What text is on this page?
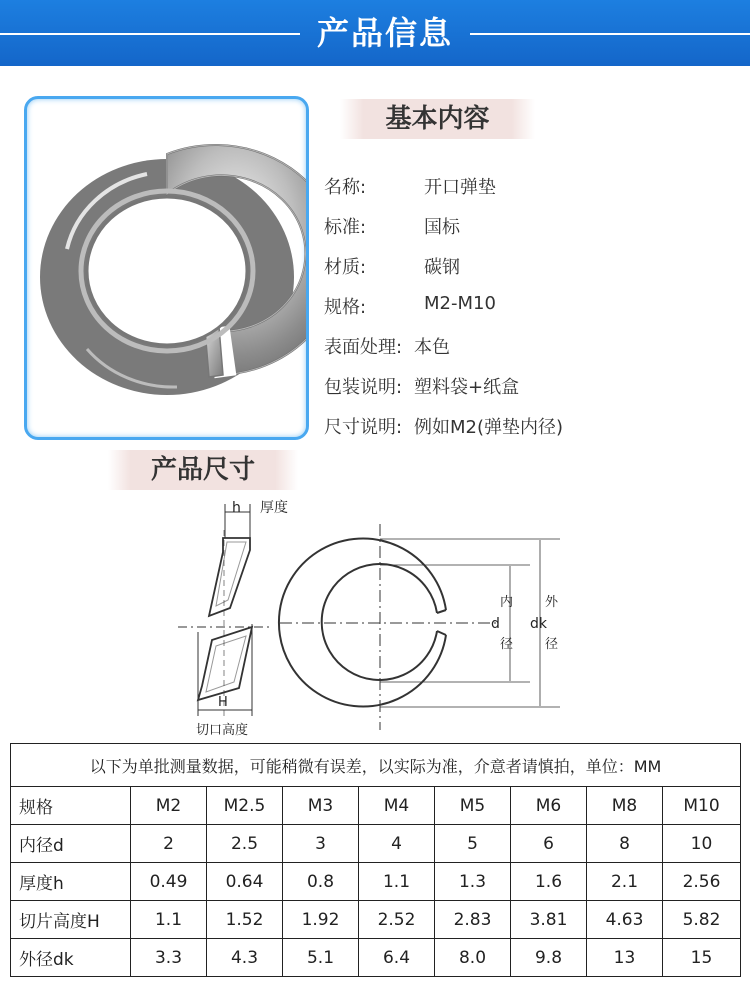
产品信息
基本内容
名称:	开口弹垫
标准:	国标
材质:	碳钢
规格:	M2-M10
表面处理: 本色
包装说明: 塑料袋+纸盒
尺寸说明: 例如M2(弹垫内径)
产品尺寸
h 厚度
H
切口高度
内
d
径
外
dk
径
以下为单批测量数据，可能稍微有误差，以实际为准，介意者请慎拍，单位：MM								
规格	M2	M2.5	M3	M4	M5	M6	M8	M10
内径d	2	2.5	3	4	5	6	8	10
厚度h	0.49	0.64	0.8	1.1	1.3	1.6	2.1	2.56
切片高度H	1.1	1.52	1.92	2.52	2.83	3.81	4.63	5.82
外径dk	3.3	4.3	5.1	6.4	8.0	9.8	13	15
